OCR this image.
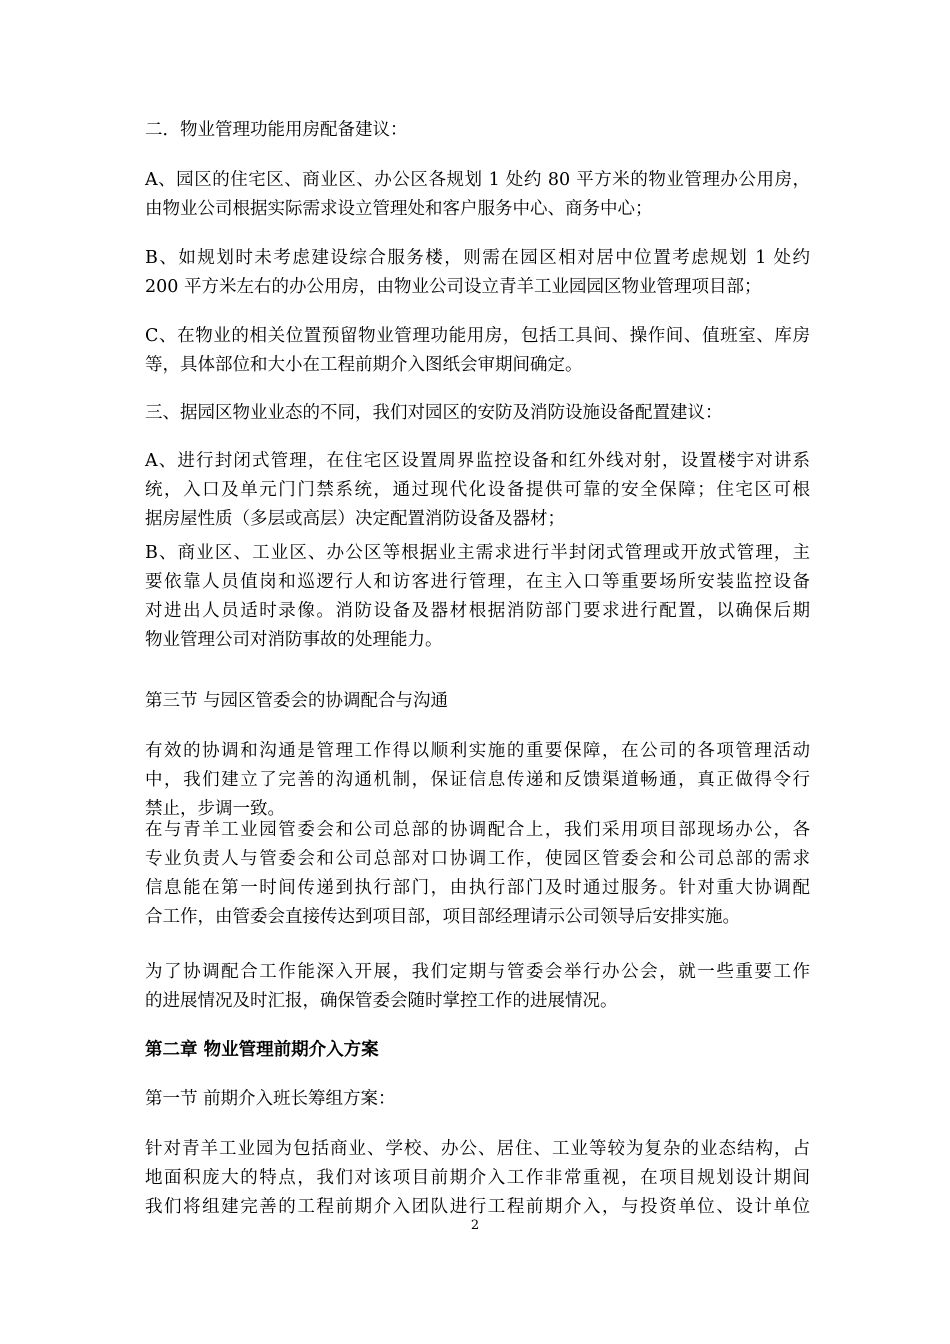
二．物业管理功能用房配备建议：
A、园区的住宅区、商业区、办公区各规划 1 处约 80 平方米的物业管理办公用房，
由物业公司根据实际需求设立管理处和客户服务中心、商务中心；
B、如规划时未考虑建设综合服务楼，则需在园区相对居中位置考虑规划 1 处约
200 平方米左右的办公用房，由物业公司设立青羊工业园园区物业管理项目部；
C、在物业的相关位置预留物业管理功能用房，包括工具间、操作间、值班室、库房
等，具体部位和大小在工程前期介入图纸会审期间确定。
三、据园区物业业态的不同，我们对园区的安防及消防设施设备配置建议：
A、进行封闭式管理，在住宅区设置周界监控设备和红外线对射，设置楼宇对讲系
统，入口及单元门门禁系统，通过现代化设备提供可靠的安全保障；住宅区可根
据房屋性质（多层或高层）决定配置消防设备及器材；
B、商业区、工业区、办公区等根据业主需求进行半封闭式管理或开放式管理，主
要依靠人员值岗和巡逻行人和访客进行管理，在主入口等重要场所安装监控设备
对进出人员适时录像。消防设备及器材根据消防部门要求进行配置，以确保后期
物业管理公司对消防事故的处理能力。
第三节 与园区管委会的协调配合与沟通
有效的协调和沟通是管理工作得以顺利实施的重要保障，在公司的各项管理活动
中，我们建立了完善的沟通机制，保证信息传递和反馈渠道畅通，真正做得令行
禁止，步调一致。
在与青羊工业园管委会和公司总部的协调配合上，我们采用项目部现场办公，各
专业负责人与管委会和公司总部对口协调工作，使园区管委会和公司总部的需求
信息能在第一时间传递到执行部门，由执行部门及时通过服务。针对重大协调配
合工作，由管委会直接传达到项目部，项目部经理请示公司领导后安排实施。
为了协调配合工作能深入开展，我们定期与管委会举行办公会，就一些重要工作
的进展情况及时汇报，确保管委会随时掌控工作的进展情况。
第二章 物业管理前期介入方案
第一节 前期介入班长筹组方案：
针对青羊工业园为包括商业、学校、办公、居住、工业等较为复杂的业态结构，占
地面积庞大的特点，我们对该项目前期介入工作非常重视，在项目规划设计期间
我们将组建完善的工程前期介入团队进行工程前期介入，与投资单位、设计单位
2
